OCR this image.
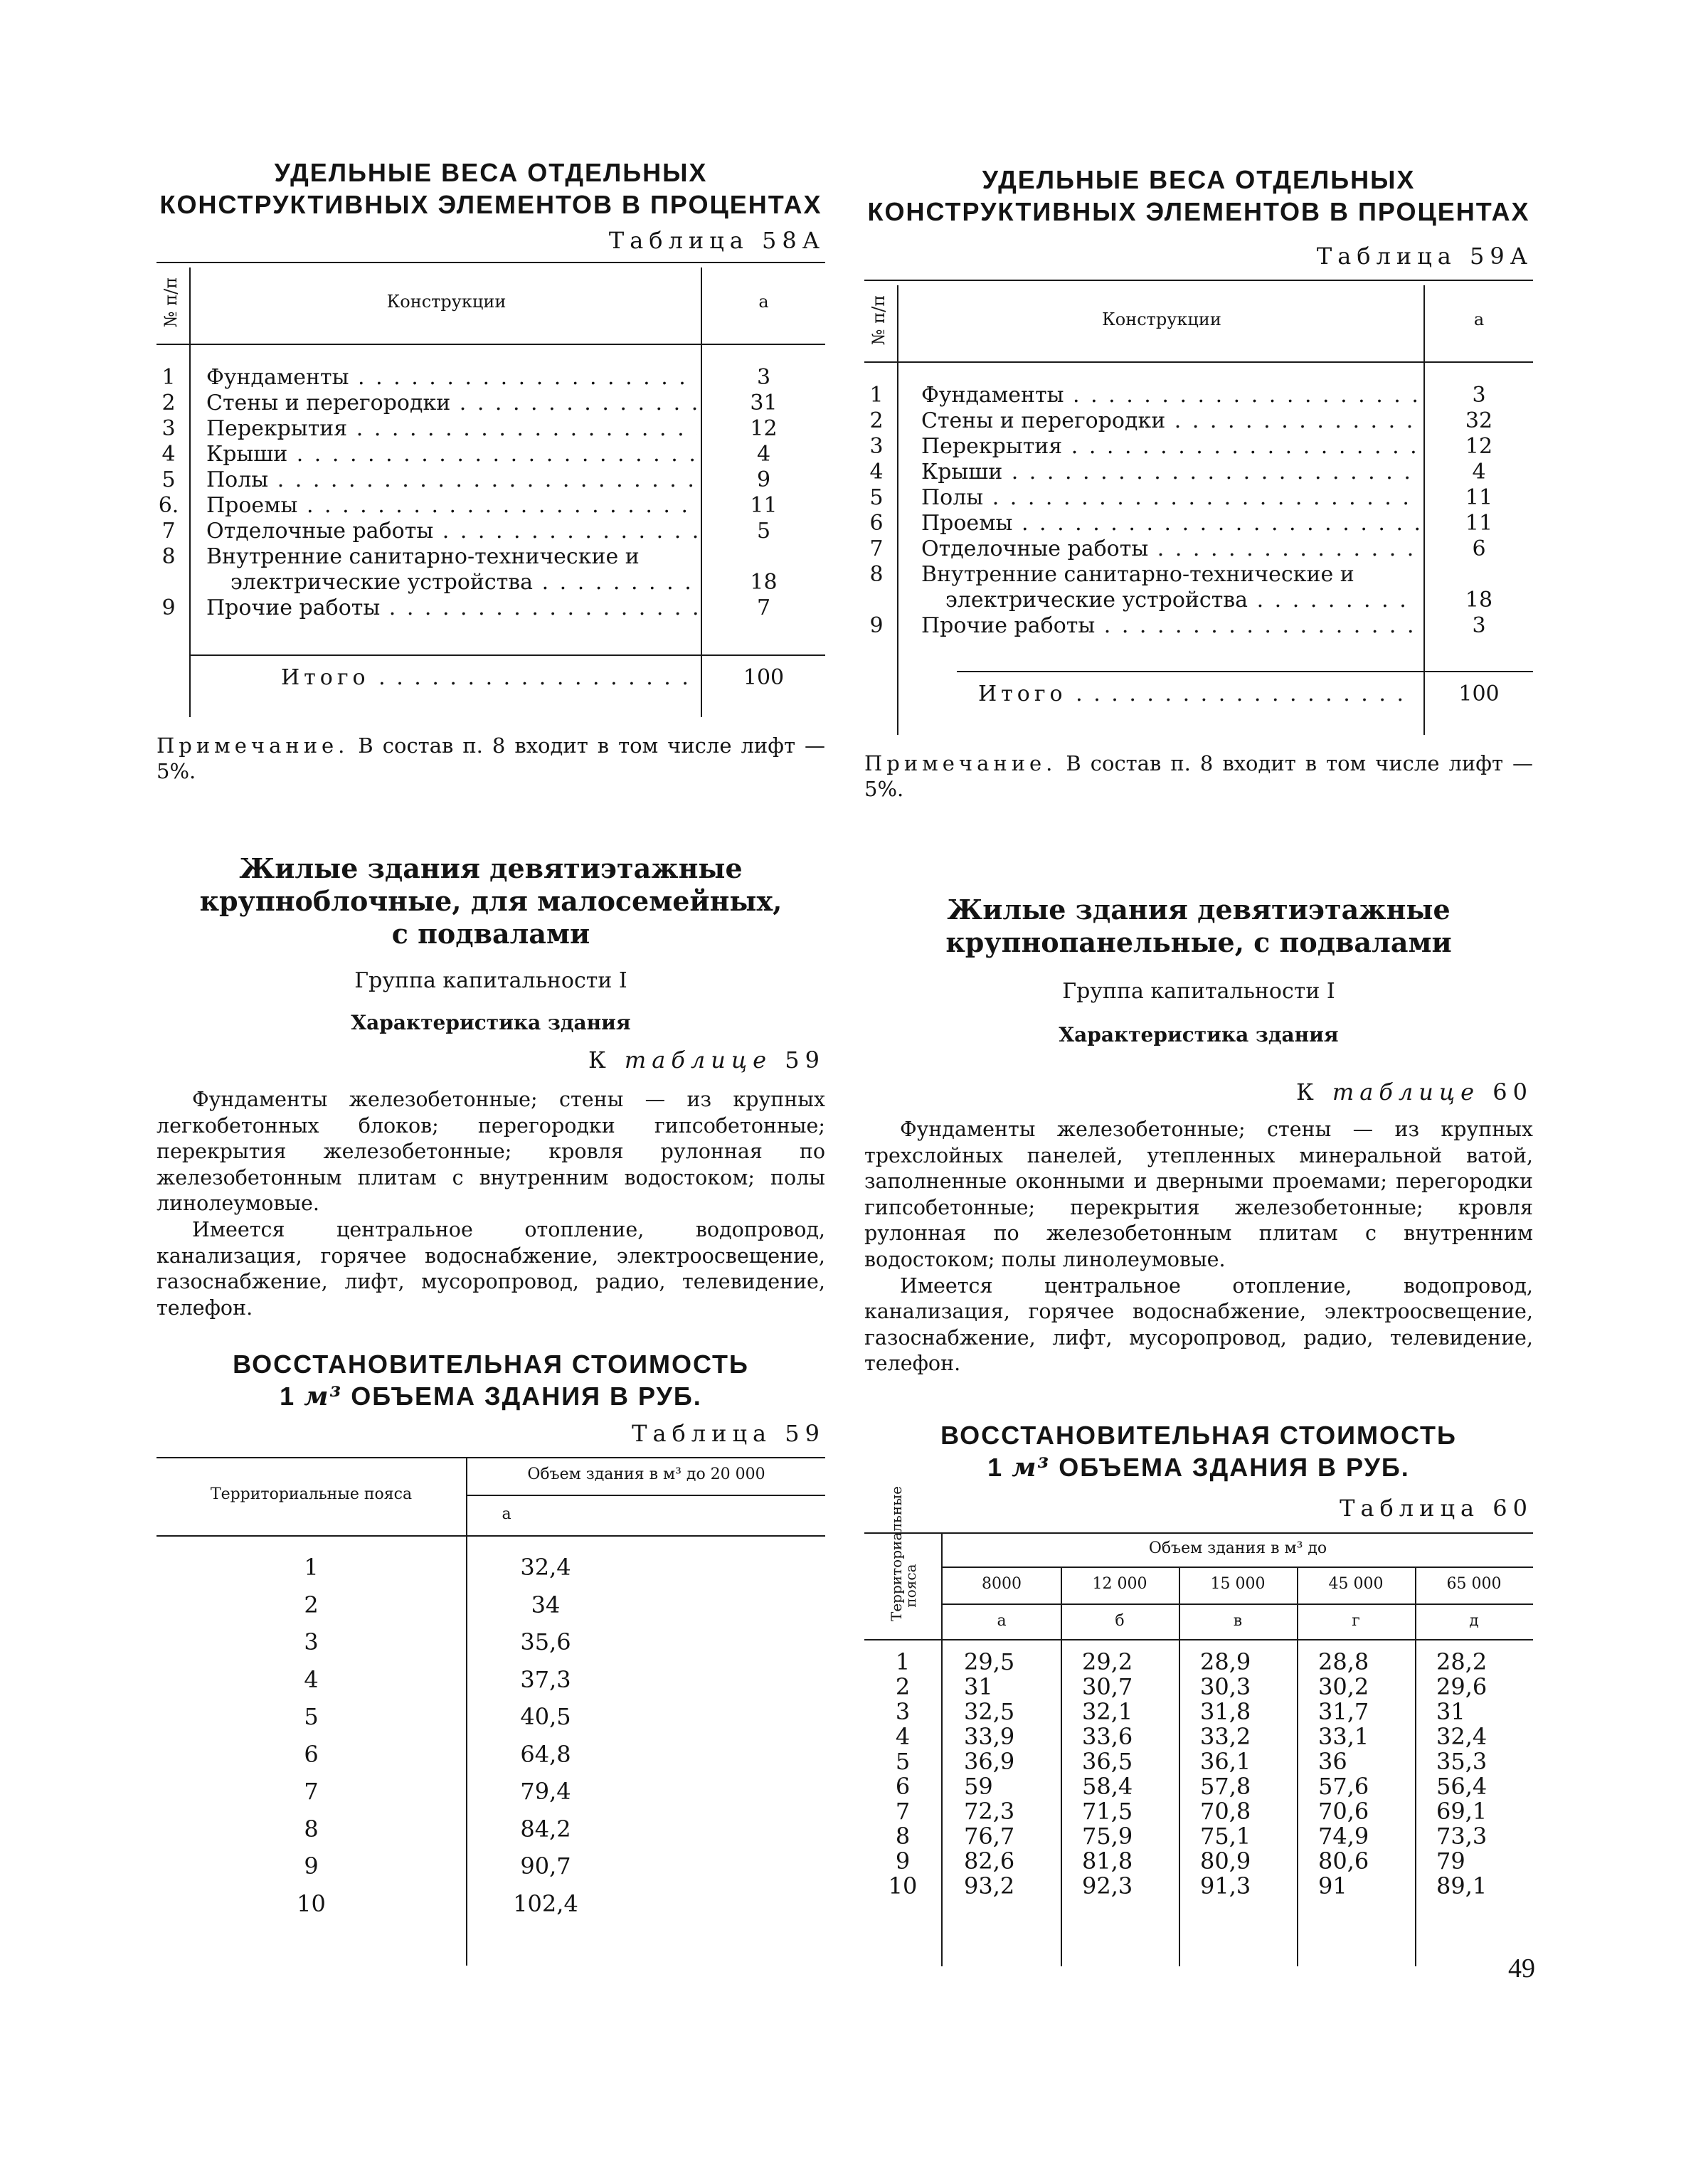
УДЕЛЬНЫЕ ВЕСА ОТДЕЛЬНЫХ
КОНСТРУКТИВНЫХ ЭЛЕМЕНТОВ В ПРОЦЕНТАХ
Таблица 58А
№ п/п	Конструкции	а
1 Фундаменты . . .	3
2 Стены и перегородки . . .	31
3 Перекрытия . . .	12
4 Крыши . . .	4
5 Полы . . .	9
6. Проемы . . .	11
7 Отделочные работы . . .	5
8 Внутренние санитарно-технические и
электрические устройства . . .	18
9 Прочие работы . . .	7
Итого . . .	100
Примечание. В состав п. 8 входит в том числе лифт — 5%.
Жилые здания девятиэтажные
крупноблочные, для малосемейных,
с подвалами
Группа капитальности I
Характеристика здания
К таблице 59

Фундаменты железобетонные; стены — из крупных легкобетонных блоков; перегородки гипсобетонные; перекрытия железобетонные; кровля рулонная по железобетонным плитам с внутренним водостоком; полы линолеумовые.

Имеется центральное отопление, водопровод, канализация, горячее водоснабжение, электроосвещение, газоснабжение, лифт, мусоропровод, радио, телевидение, телефон.

ВОССТАНОВИТЕЛЬНАЯ СТОИМОСТЬ
1 м³ ОБЪЕМА ЗДАНИЯ В РУБ.
Таблица 59
Территориальные пояса
Объем здания в м³ до 20 000
а
1	32,4
2	34
3	35,6
4	37,3
5	40,5
6	64,8
7	79,4
8	84,2
9	90,7
10	102,4
УДЕЛЬНЫЕ ВЕСА ОТДЕЛЬНЫХ
КОНСТРУКТИВНЫХ ЭЛЕМЕНТОВ В ПРОЦЕНТАХ
Таблица 59А
№ п/п	Конструкции	а
1 Фундаменты . . .	3
2 Стены и перегородки . . .	32
3 Перекрытия . . .	12
4 Крыши . . .	4
5 Полы . . .	11
6 Проемы . . .	11
7 Отделочные работы . . .	6
8 Внутренние санитарно-технические и
электрические устройства . . .	18
9 Прочие работы . . .	3
Итого . . .	100
Примечание. В состав п. 8 входит в том числе лифт — 5%.
Жилые здания девятиэтажные
крупнопанельные, с подвалами
Группа капитальности I
Характеристика здания
К таблице 60

Фундаменты железобетонные; стены — из крупных трехслойных панелей, утепленных минеральной ватой, заполненные оконными и дверными проемами; перегородки гипсобетонные; перекрытия железобетонные; кровля рулонная по железобетонным плитам с внутренним водостоком; полы линолеумовые.

Имеется центральное отопление, водопровод, канализация, горячее водоснабжение, электроосвещение, газоснабжение, лифт, мусоропровод, радио, телевидение, телефон.

ВОССТАНОВИТЕЛЬНАЯ СТОИМОСТЬ
1 м³ ОБЪЕМА ЗДАНИЯ В РУБ.
Таблица 60
Территориальные пояса
Объем здания в м³ до
8000
а
12 000
б
15 000
в
45 000
г
65 000
д
1	29,5	29,2	28,9	28,8	28,2
2	31	30,7	30,3	30,2	29,6
3	32,5	32,1	31,8	31,7	31
4	33,9	33,6	33,2	33,1	32,4
5	36,9	36,5	36,1	36	35,3
6	59	58,4	57,8	57,6	56,4
7	72,3	71,5	70,8	70,6	69,1
8	76,7	75,9	75,1	74,9	73,3
9	82,6	81,8	80,9	80,6	79
10	93,2	92,3	91,3	91	89,1
49
